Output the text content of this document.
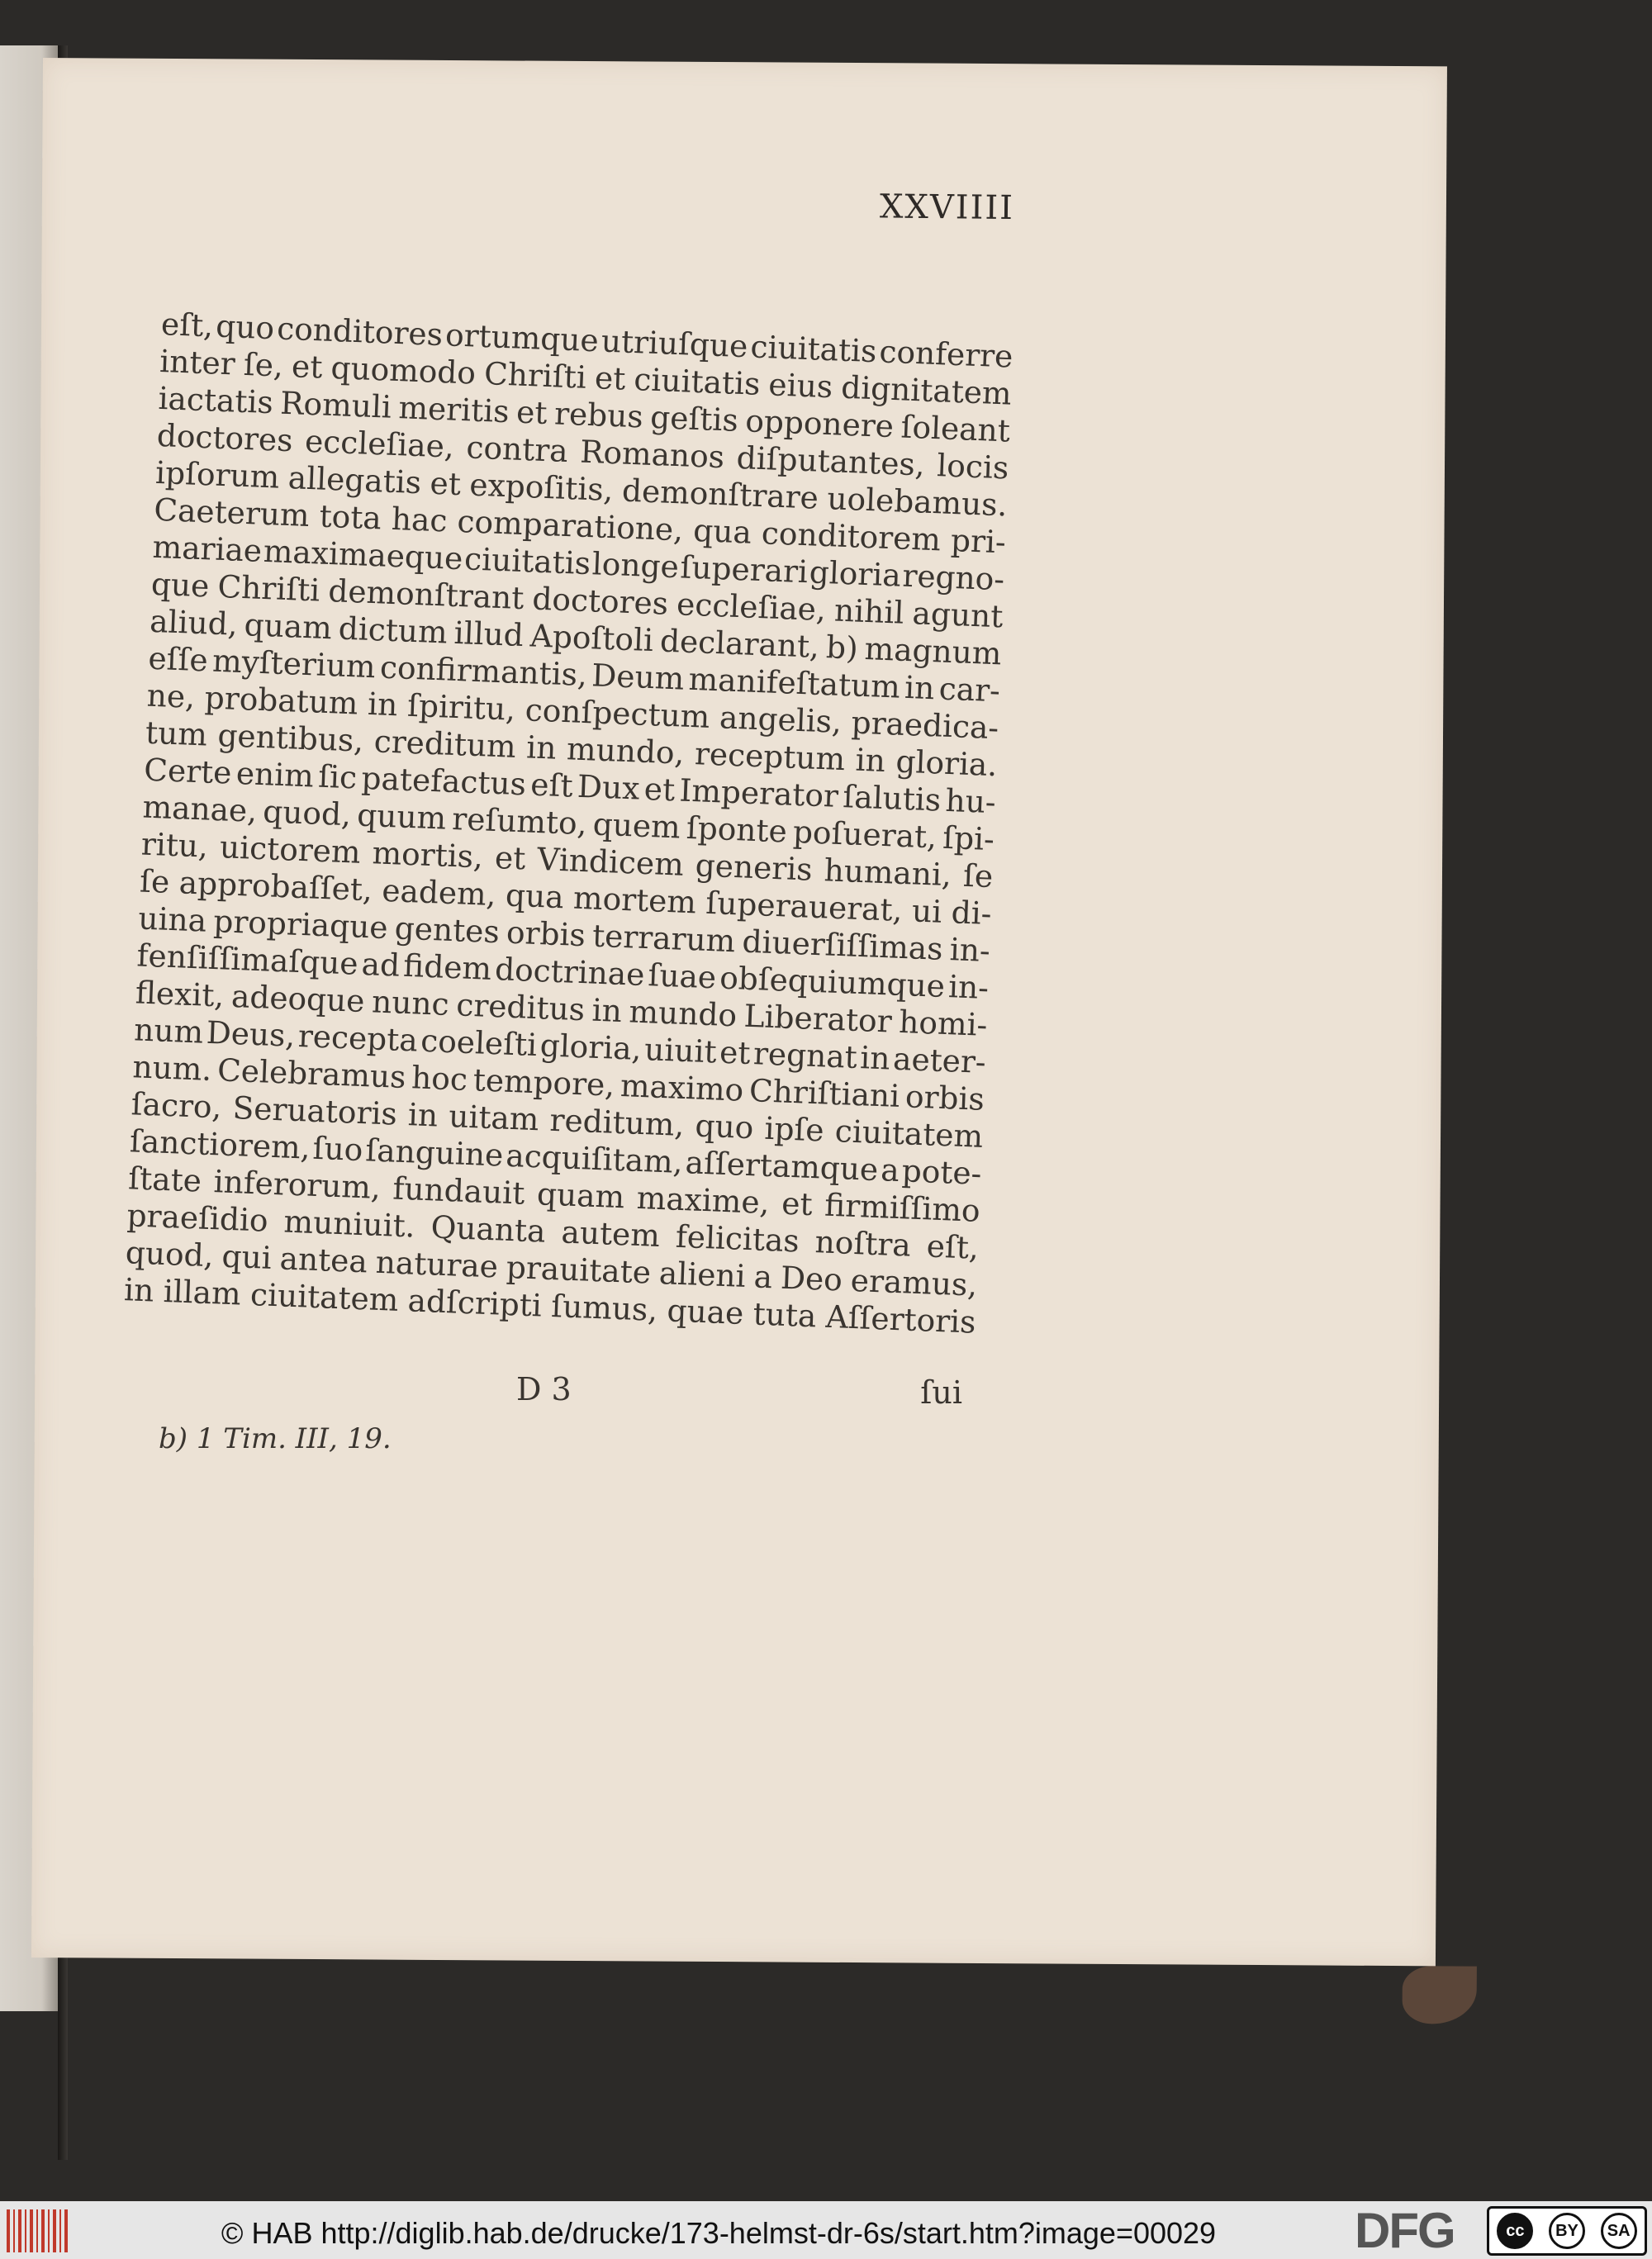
XXVIIII
eſt, quo conditores ortumque utriuſque ciuitatis conferre
inter ſe, et quomodo Chriſti et ciuitatis eius dignitatem
iactatis Romuli meritis et rebus geſtis opponere ſoleant
doctores eccleſiae, contra Romanos diſputantes, locis
ipſorum allegatis et expoſitis, demonſtrare uolebamus.
Caeterum tota hac comparatione, qua conditorem pri-
mariae maximaeque ciuitatis longe ſuperari gloria regno-
que Chriſti demonſtrant doctores eccleſiae, nihil agunt
aliud, quam dictum illud Apoſtoli declarant, b) magnum
eſſe myſterium confirmantis, Deum manifeſtatum in car-
ne, probatum in ſpiritu, conſpectum angelis, praedica-
tum gentibus, creditum in mundo, receptum in gloria.
Certe enim ſic patefactus eſt Dux et Imperator ſalutis hu-
manae, quod, quum reſumto, quem ſponte poſuerat, ſpi-
ritu, uictorem mortis, et Vindicem generis humani, ſe
ſe approbaſſet, eadem, qua mortem ſuperauerat, ui di-
uina propriaque gentes orbis terrarum diuerſiſſimas in-
fenſiſſimaſque ad fidem doctrinae ſuae obſequiumque in-
flexit, adeoque nunc creditus in mundo Liberator homi-
num Deus, recepta coeleſti gloria, uiuit et regnat in aeter-
num. Celebramus hoc tempore, maximo Chriſtiani orbis
ſacro, Seruatoris in uitam reditum, quo ipſe ciuitatem
ſanctiorem, ſuo ſanguine acquiſitam, aſſertamque a pote-
ſtate inferorum, fundauit quam maxime, et firmiſſimo
praeſidio muniuit. Quanta autem felicitas noſtra eſt,
quod, qui antea naturae prauitate alieni a Deo eramus,
in illam ciuitatem adſcripti ſumus, quae tuta Aſſertoris
D 3	ſui
b) 1 Tim. III, 19.
© HAB http://diglib.hab.de/drucke/173-helmst-dr-6s/start.htm?image=00029	DFG	cc	BY	SA
